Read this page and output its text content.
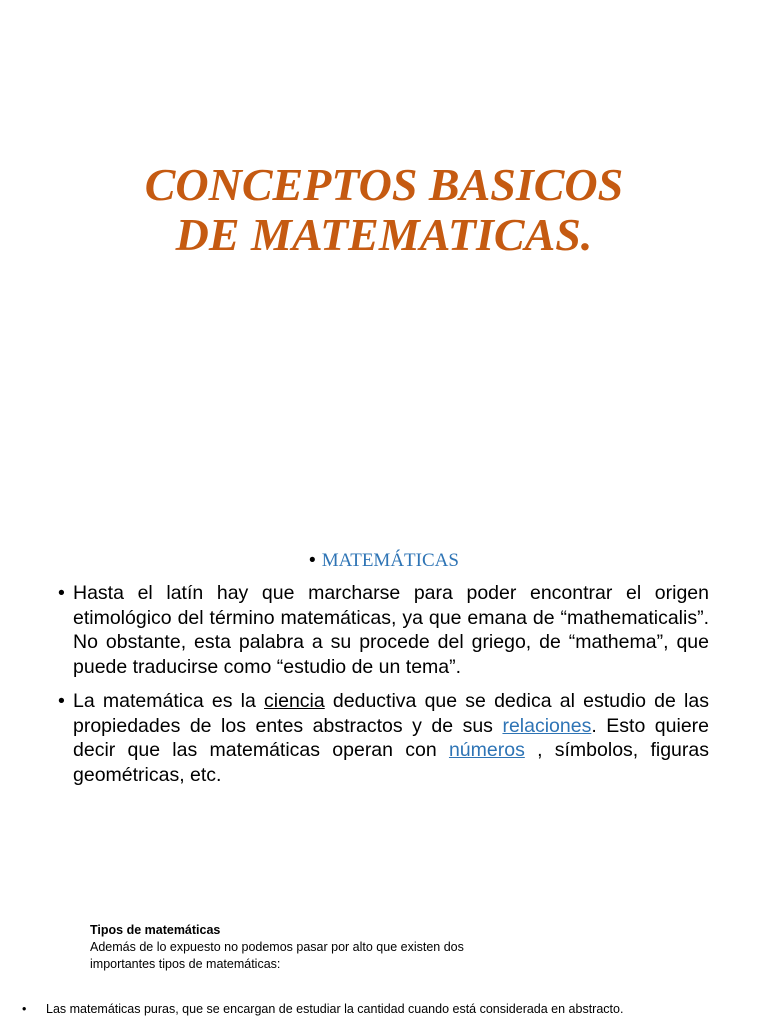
CONCEPTOS BASICOS
DE MATEMATICAS.
• MATEMÁTICAS
• Hasta el latín hay que marcharse para poder encontrar el origen etimológico del término matemáticas, ya que emana de “mathematicalis”. No obstante, esta palabra a su procede del griego, de “mathema”, que puede traducirse como “estudio de un tema”.
• La matemática es la ciencia deductiva que se dedica al estudio de las propiedades de los entes abstractos y de sus relaciones. Esto quiere decir que las matemáticas operan con números , símbolos, figuras geométricas, etc.
Tipos de matemáticas
Además de lo expuesto no podemos pasar por alto que existen dos importantes tipos de matemáticas:
• Las matemáticas puras, que se encargan de estudiar la cantidad cuando está considerada en abstracto.
